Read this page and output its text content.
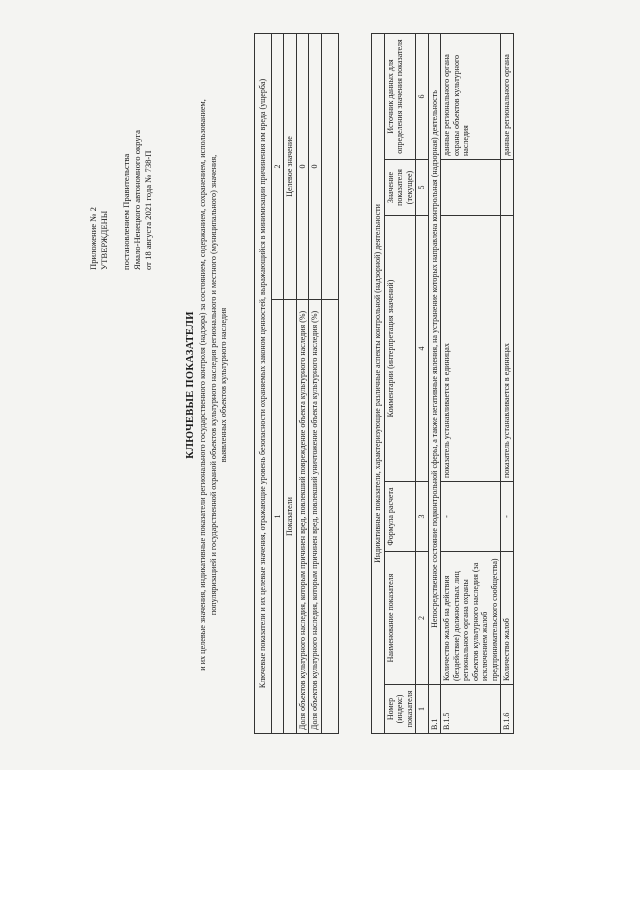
Приложение № 2 УТВЕРЖДЕНЫ постановлением Правительства Ямало-Ненецкого автономного округа от 18 августа 2021 года № 738-П
КЛЮЧЕВЫЕ ПОКАЗАТЕЛИ и их целевые значения, индикативные показатели регионального государственного контроля (надзора) за состоянием, содержанием, сохранением, использованием, популяризацией и государственной охраной объектов культурного наследия регионального и местного (муниципального) значения, выявленных объектов культурного наследия	Ключевые показатели и их целевые значения, отражающие уровень безопасности охраняемых законом ценностей, выражающийся в минимизации причинения им вреда (ущерба)	
1	2
Показатели	Целевое значение
Доля объектов культурного наследия, которым причинен вред, повлекший повреждение объекта культурного наследия (%)	0
Доля объектов культурного наследия, которым причинен вред, повлекший уничтожение объекта культурного наследия (%)	0

Индикативные показатели, характеризующие различные аспекты контрольной (надзорной) деятельности					
Номер (индекс) показателя	Наименование показателя	Формула расчета	Комментарии (интерпретация значений)	Значение показателя (текущее)	Источник данных для определения значения показателя
1	2	3	4	5	6
В.1	Непосредственное состояние подконтрольной сферы, а также негативные явления, на устранение которых направлена контрольная (надзорная) деятельность				
В.1.5	Количество жалоб на действия (бездействие) должностных лиц регионального органа охраны объектов культурного наследия (за исключением жалоб предпринимательского сообщества)	-	показатель устанавливается в единицах		данные регионального органа охраны объектов культурного наследия
В.1.6	Количество жалоб	-	показатель устанавливается в единицах		данные регионального органа
